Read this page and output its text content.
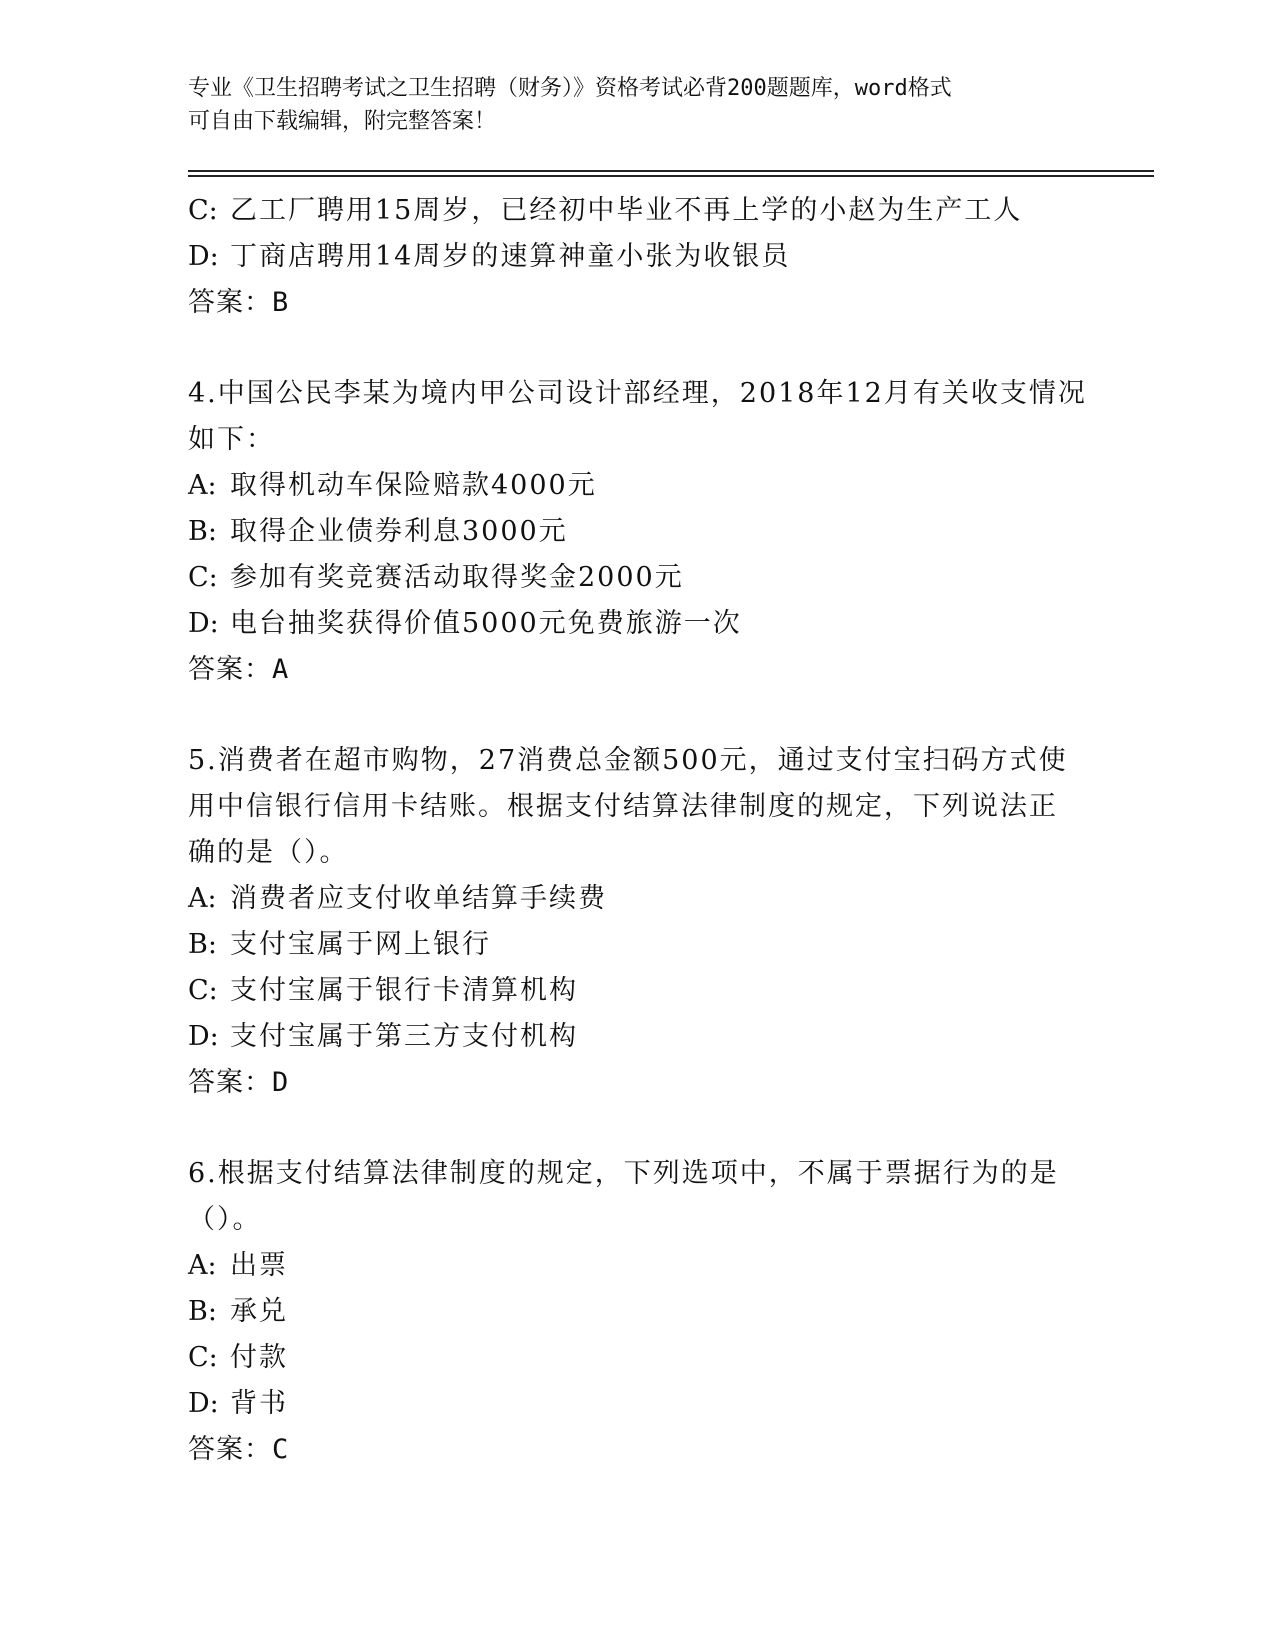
专业《卫生招聘考试之卫生招聘（财务）》资格考试必背200题题库，word格式
可自由下载编辑，附完整答案！
C: 乙工厂聘用15周岁，已经初中毕业不再上学的小赵为生产工人
D: 丁商店聘用14周岁的速算神童小张为收银员
答案：B
4.中国公民李某为境内甲公司设计部经理，2018年12月有关收支情况
如下：
A: 取得机动车保险赔款4000元
B: 取得企业债券利息3000元
C: 参加有奖竞赛活动取得奖金2000元
D: 电台抽奖获得价值5000元免费旅游一次
答案：A
5.消费者在超市购物，27消费总金额500元，通过支付宝扫码方式使
用中信银行信用卡结账。根据支付结算法律制度的规定，下列说法正
确的是（）。
A: 消费者应支付收单结算手续费
B: 支付宝属于网上银行
C: 支付宝属于银行卡清算机构
D: 支付宝属于第三方支付机构
答案：D
6.根据支付结算法律制度的规定，下列选项中，不属于票据行为的是
（）。
A: 出票
B: 承兑
C: 付款
D: 背书
答案：C
